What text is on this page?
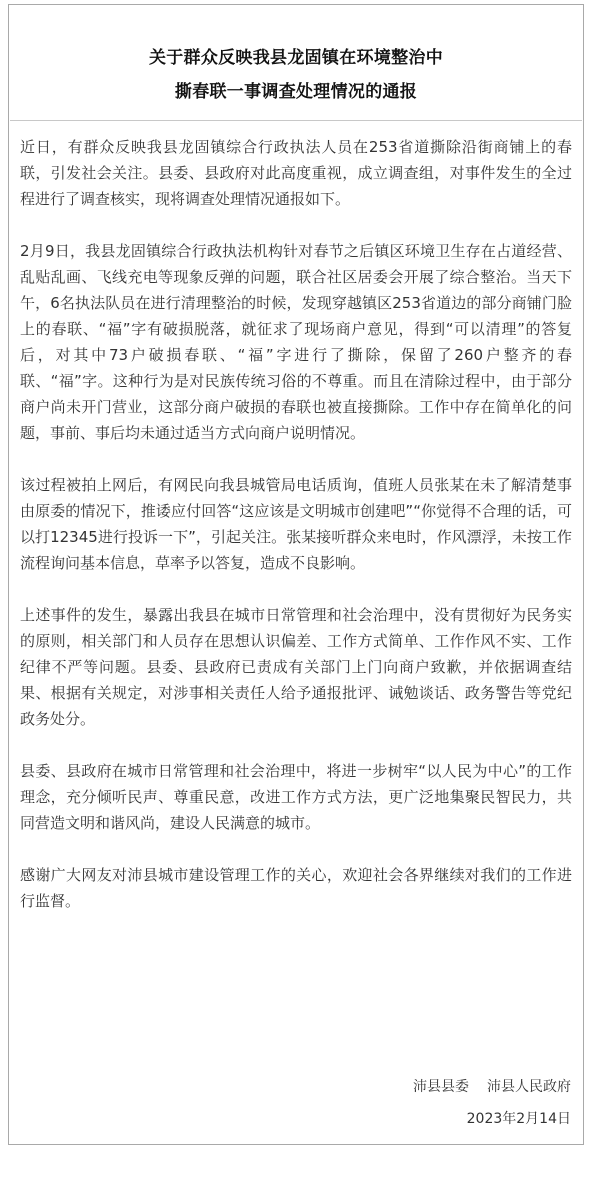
关于群众反映我县龙固镇在环境整治中

撕春联一事调查处理情况的通报

近日，有群众反映我县龙固镇综合行政执法人员在253省道撕除沿街商铺上的春联，引发社会关注。县委、县政府对此高度重视，成立调查组，对事件发生的全过程进行了调查核实，现将调查处理情况通报如下。

2月9日，我县龙固镇综合行政执法机构针对春节之后镇区环境卫生存在占道经营、乱贴乱画、飞线充电等现象反弹的问题，联合社区居委会开展了综合整治。当天下午，6名执法队员在进行清理整治的时候，发现穿越镇区253省道边的部分商铺门脸上的春联、“福”字有破损脱落，就征求了现场商户意见，得到“可以清理”的答复后，对其中73户破损春联、“福”字进行了撕除，保留了260户整齐的春联、“福”字。这种行为是对民族传统习俗的不尊重。而且在清除过程中，由于部分商户尚未开门营业，这部分商户破损的春联也被直接撕除。工作中存在简单化的问题，事前、事后均未通过适当方式向商户说明情况。

该过程被拍上网后，有网民向我县城管局电话质询，值班人员张某在未了解清楚事由原委的情况下，推诿应付回答“这应该是文明城市创建吧”“你觉得不合理的话，可以打12345进行投诉一下”，引起关注。张某接听群众来电时，作风漂浮，未按工作流程询问基本信息，草率予以答复，造成不良影响。

上述事件的发生，暴露出我县在城市日常管理和社会治理中，没有贯彻好为民务实的原则，相关部门和人员存在思想认识偏差、工作方式简单、工作作风不实、工作纪律不严等问题。县委、县政府已责成有关部门上门向商户致歉，并依据调查结果、根据有关规定，对涉事相关责任人给予通报批评、诫勉谈话、政务警告等党纪政务处分。

县委、县政府在城市日常管理和社会治理中，将进一步树牢“以人民为中心”的工作理念，充分倾听民声、尊重民意，改进工作方式方法，更广泛地集聚民智民力，共同营造文明和谐风尚，建设人民满意的城市。

感谢广大网友对沛县城市建设管理工作的关心，欢迎社会各界继续对我们的工作进行监督。

沛县县委 沛县人民政府
2023年2月14日
